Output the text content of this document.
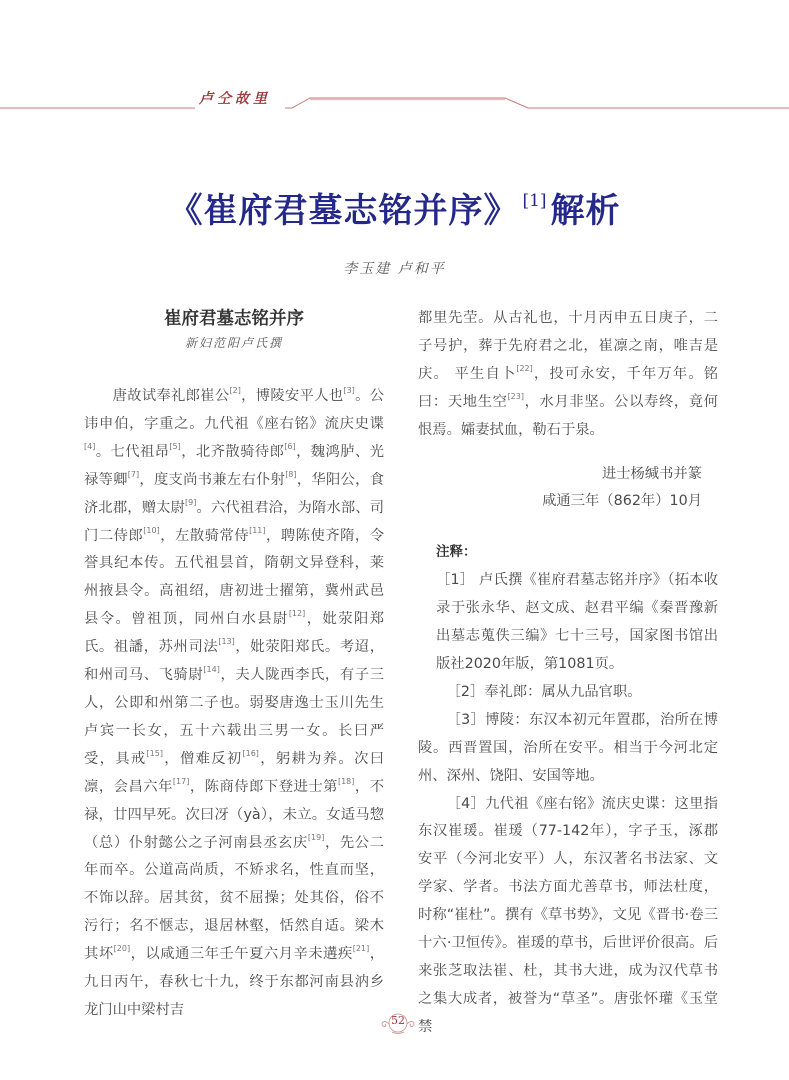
卢仝故里
《崔府君墓志铭并序》 [1] 解析
李玉建 卢和平
崔府君墓志铭并序
新妇范阳卢氏撰

唐故试奉礼郎崔公[2]，博陵安平人也[3]。公讳申伯，字重之。九代祖《座右铭》流庆史谍[4]。七代祖昂[5]，北齐散骑待郎[6]，魏鸿胪、光禄等卿[7]，度支尚书兼左右仆射[8]，华阳公，食济北郡，赠太尉[9]。六代祖君洽，为隋水部、司门二侍郎[10]，左散骑常侍[11]，聘陈使齐隋，令誉具纪本传。五代祖昙首，隋朝文异登科，莱州掖县令。高祖绍，唐初进士擢第，冀州武邑县令。曾祖顶，同州白水县尉[12]，妣荥阳郑氏。祖譒，苏州司法[13]，妣荥阳郑氏。考迢，和州司马、飞骑尉[14]，夫人陇西李氏，有子三人，公即和州第二子也。弱娶唐逸士玉川先生卢宾一长女，五十六载出三男一女。长曰严受，具戒[15]，僧难反初[16]，躬耕为养。次曰凛，会昌六年[17]，陈商侍郎下登进士第[18]，不禄，廿四早死。次曰冴（yà），未立。女适马惣（总）仆射懿公之子河南县丞玄庆[19]，先公二年而卒。公道高尚质，不矫求名，性直而坚，不饰以辞。居其贫，贫不屈操；处其俗，俗不污行；名不惬志，退居林壑，恬然自适。梁木其坏[20]，以咸通三年壬午夏六月辛未遘疾[21]，九日丙午，春秋七十九，终于东都河南县汭乡龙门山中梁村吉

都里先茔。从古礼也，十月丙申五日庚子，二子号护，葬于先府君之北，崔凛之南，唯吉是庆。 平生自卜[22]，投可永安，千年万年。铭曰：天地生空[23]，水月非坚。公以寿终，竟何恨焉。孀妻拭血，勒石于泉。

进士杨缄书并篆

咸通三年（862年）10月

注释：

［1］ 卢氏撰《崔府君墓志铭并序》（拓本收录于张永华、赵文成、赵君平编《秦晋豫新出墓志蒐佚三编》七十三号，国家图书馆出版社2020年版，第1081页。

［2］奉礼郎：属从九品官职。

［3］博陵：东汉本初元年置郡，治所在博陵。西晋置国，治所在安平。相当于今河北定州、深州、饶阳、安国等地。

［4］九代祖《座右铭》流庆史谍：这里指东汉崔瑗。崔瑗（77-142年），字子玉，涿郡安平（今河北安平）人，东汉著名书法家、文学家、学者。书法方面尤善草书，师法杜度，时称“崔杜”。撰有《草书势》，文见《晋书·卷三十六·卫恒传》。崔瑗的草书，后世评价很高。后来张芝取法崔、杜，其书大进，成为汉代草书之集大成者，被誉为“草圣”。唐张怀瓘《玉堂禁

52
